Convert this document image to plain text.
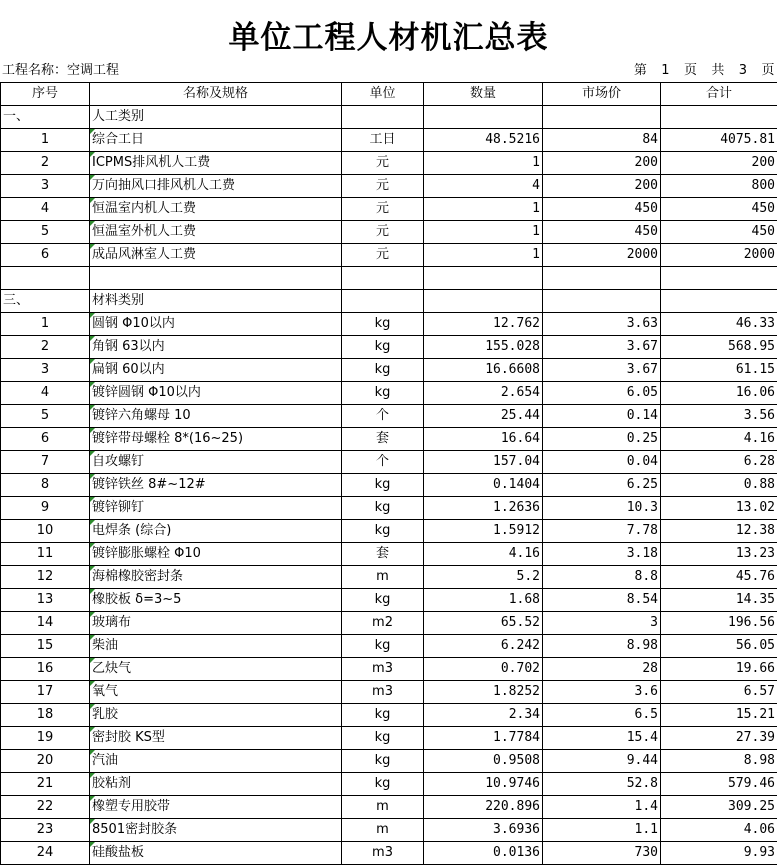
单位工程人材机汇总表
工程名称：空调工程	第 1 页 共 3 页
序号	名称及规格	单位	数量	市场价	合计
一、	人工类别				
1	综合工日	工日	48.5216	84	4075.81
2	ICPMS排风机人工费	元	1	200	200
3	万向抽风口排风机人工费	元	4	200	800
4	恒温室内机人工费	元	1	450	450
5	恒温室外机人工费	元	1	450	450
6	成品风淋室人工费	元	1	2000	2000

三、	材料类别				
1	圆钢 Φ10以内	kg	12.762	3.63	46.33
2	角钢 63以内	kg	155.028	3.67	568.95
3	扁钢 60以内	kg	16.6608	3.67	61.15
4	镀锌圆钢 Φ10以内	kg	2.654	6.05	16.06
5	镀锌六角螺母 10	个	25.44	0.14	3.56
6	镀锌带母螺栓 8*(16~25)	套	16.64	0.25	4.16
7	自攻螺钉	个	157.04	0.04	6.28
8	镀锌铁丝 8#~12#	kg	0.1404	6.25	0.88
9	镀锌铆钉	kg	1.2636	10.3	13.02
10	电焊条 (综合)	kg	1.5912	7.78	12.38
11	镀锌膨胀螺栓 Φ10	套	4.16	3.18	13.23
12	海棉橡胶密封条	m	5.2	8.8	45.76
13	橡胶板 δ=3~5	kg	1.68	8.54	14.35
14	玻璃布	m2	65.52	3	196.56
15	柴油	kg	6.242	8.98	56.05
16	乙炔气	m3	0.702	28	19.66
17	氧气	m3	1.8252	3.6	6.57
18	乳胶	kg	2.34	6.5	15.21
19	密封胶 KS型	kg	1.7784	15.4	27.39
20	汽油	kg	0.9508	9.44	8.98
21	胶粘剂	kg	10.9746	52.8	579.46
22	橡塑专用胶带	m	220.896	1.4	309.25
23	8501密封胶条	m	3.6936	1.1	4.06
24	硅酸盐板	m3	0.0136	730	9.93
